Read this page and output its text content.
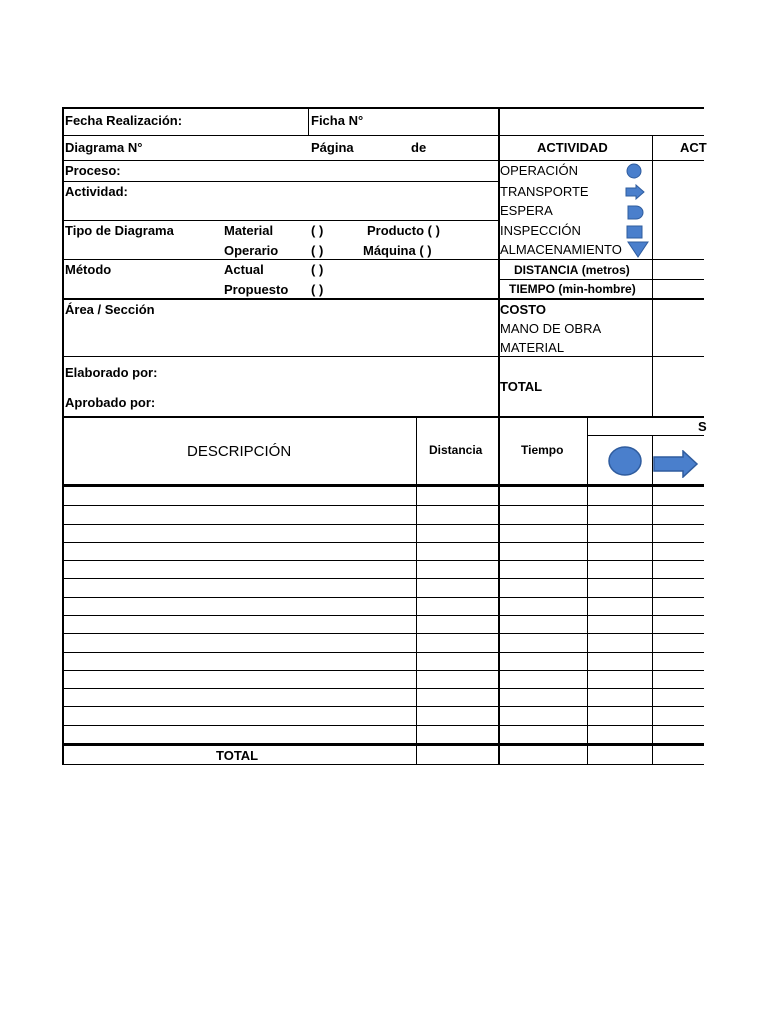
Fecha Realización:	Ficha N°
Diagrama N°	Página	de
Proceso:
Actividad:
Tipo de Diagrama	Material	( )	Producto ( )
Operario	( )	Máquina ( )
Método	Actual	( )
Propuesto ( )
Área / Sección
Elaborado por:
Aprobado por:
ACTIVIDAD	ACT
OPERACIÓN
TRANSPORTE
ESPERA
INSPECCIÓN
ALMACENAMIENTO
DISTANCIA (metros)
TIEMPO (min-hombre)
COSTO
MANO DE OBRA
MATERIAL
TOTAL
DESCRIPCIÓN	Distancia	Tiempo
S
TOTAL
